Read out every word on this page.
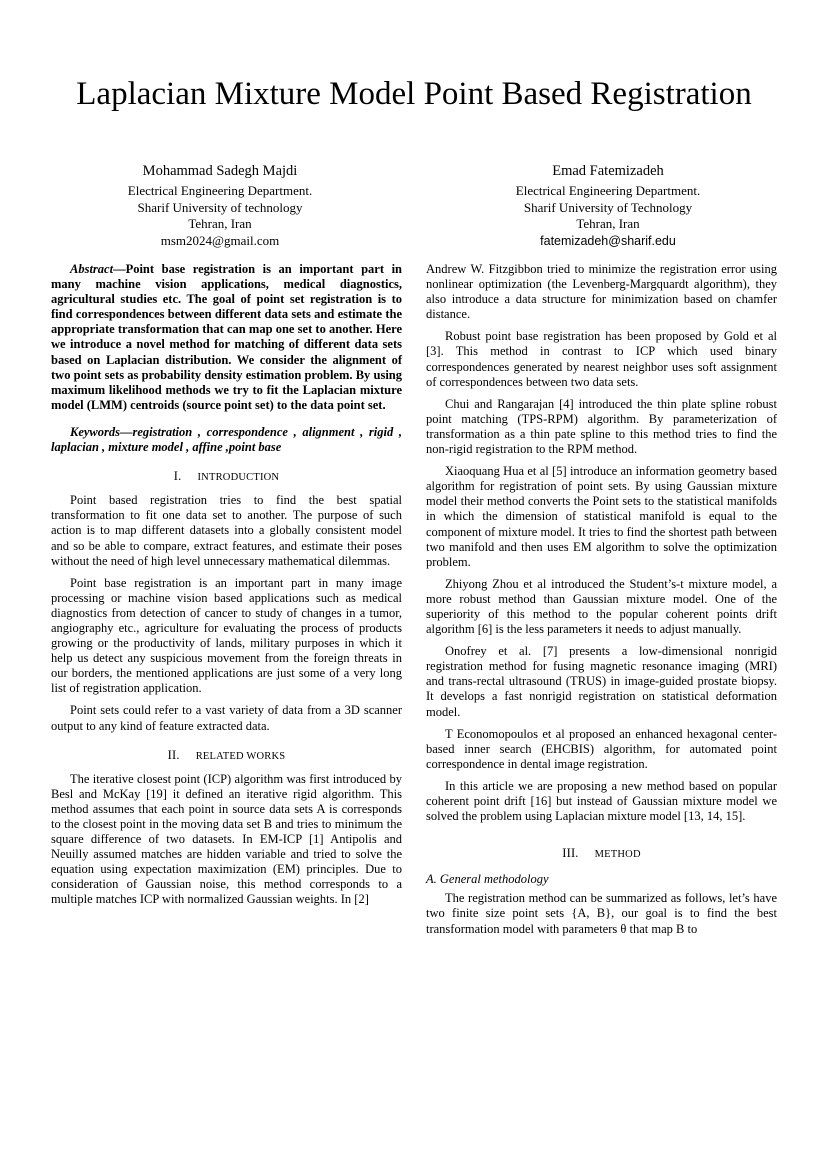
Laplacian Mixture Model Point Based Registration
Mohammad Sadegh Majdi
Electrical Engineering Department.
Sharif University of technology
Tehran, Iran
msm2024@gmail.com
Emad Fatemizadeh
Electrical Engineering Department.
Sharif University of Technology
Tehran, Iran
fatemizadeh@sharif.edu

Abstract—Point base registration is an important part in many machine vision applications, medical diagnostics, agricultural studies etc. The goal of point set registration is to find correspondences between different data sets and estimate the appropriate transformation that can map one set to another. Here we introduce a novel method for matching of different data sets based on Laplacian distribution. We consider the alignment of two point sets as probability density estimation problem. By using maximum likelihood methods we try to fit the Laplacian mixture model (LMM) centroids (source point set) to the data point set.

Keywords—registration , correspondence , alignment , rigid , laplacian , mixture model , affine ,point base

I. INTRODUCTION

Point based registration tries to find the best spatial transformation to fit one data set to another. The purpose of such action is to map different datasets into a globally consistent model and so be able to compare, extract features, and estimate their poses without the need of high level unnecessary mathematical dilemmas.

Point base registration is an important part in many image processing or machine vision based applications such as medical diagnostics from detection of cancer to study of changes in a tumor, angiography etc., agriculture for evaluating the process of products growing or the productivity of lands, military purposes in which it help us detect any suspicious movement from the foreign threats in our borders, the mentioned applications are just some of a very long list of registration application.

Point sets could refer to a vast variety of data from a 3D scanner output to any kind of feature extracted data.

II. RELATED WORKS

The iterative closest point (ICP) algorithm was first introduced by Besl and McKay [19] it defined an iterative rigid algorithm. This method assumes that each point in source data sets A is corresponds to the closest point in the moving data set B and tries to minimum the square difference of two datasets. In EM-ICP [1] Antipolis and Neuilly assumed matches are hidden variable and tried to solve the equation using expectation maximization (EM) principles. Due to consideration of Gaussian noise, this method corresponds to a multiple matches ICP with normalized Gaussian weights. In [2]

Andrew W. Fitzgibbon tried to minimize the registration error using nonlinear optimization (the Levenberg-Margquardt algorithm), they also introduce a data structure for minimization based on chamfer distance.

Robust point base registration has been proposed by Gold et al [3]. This method in contrast to ICP which used binary correspondences generated by nearest neighbor uses soft assignment of correspondences between two data sets.

Chui and Rangarajan [4] introduced the thin plate spline robust point matching (TPS-RPM) algorithm. By parameterization of transformation as a thin pate spline to this method tries to find the non-rigid registration to the RPM method.

Xiaoquang Hua et al [5] introduce an information geometry based algorithm for registration of point sets. By using Gaussian mixture model their method converts the Point sets to the statistical manifolds in which the dimension of statistical manifold is equal to the component of mixture model. It tries to find the shortest path between two manifold and then uses EM algorithm to solve the optimization problem.

Zhiyong Zhou et al introduced the Student’s-t mixture model, a more robust method than Gaussian mixture model. One of the superiority of this method to the popular coherent points drift algorithm [6] is the less parameters it needs to adjust manually.

Onofrey et al. [7] presents a low-dimensional nonrigid registration method for fusing magnetic resonance imaging (MRI) and trans-rectal ultrasound (TRUS) in image-guided prostate biopsy. It develops a fast nonrigid registration on statistical deformation model.

T Economopoulos et al proposed an enhanced hexagonal center-based inner search (EHCBIS) algorithm, for automated point correspondence in dental image registration.

In this article we are proposing a new method based on popular coherent point drift [16] but instead of Gaussian mixture model we solved the problem using Laplacian mixture model [13, 14, 15].

III. METHOD
A. General methodology

The registration method can be summarized as follows, let’s have two finite size point sets {A, B}, our goal is to find the best transformation model with parameters θ that map B to
